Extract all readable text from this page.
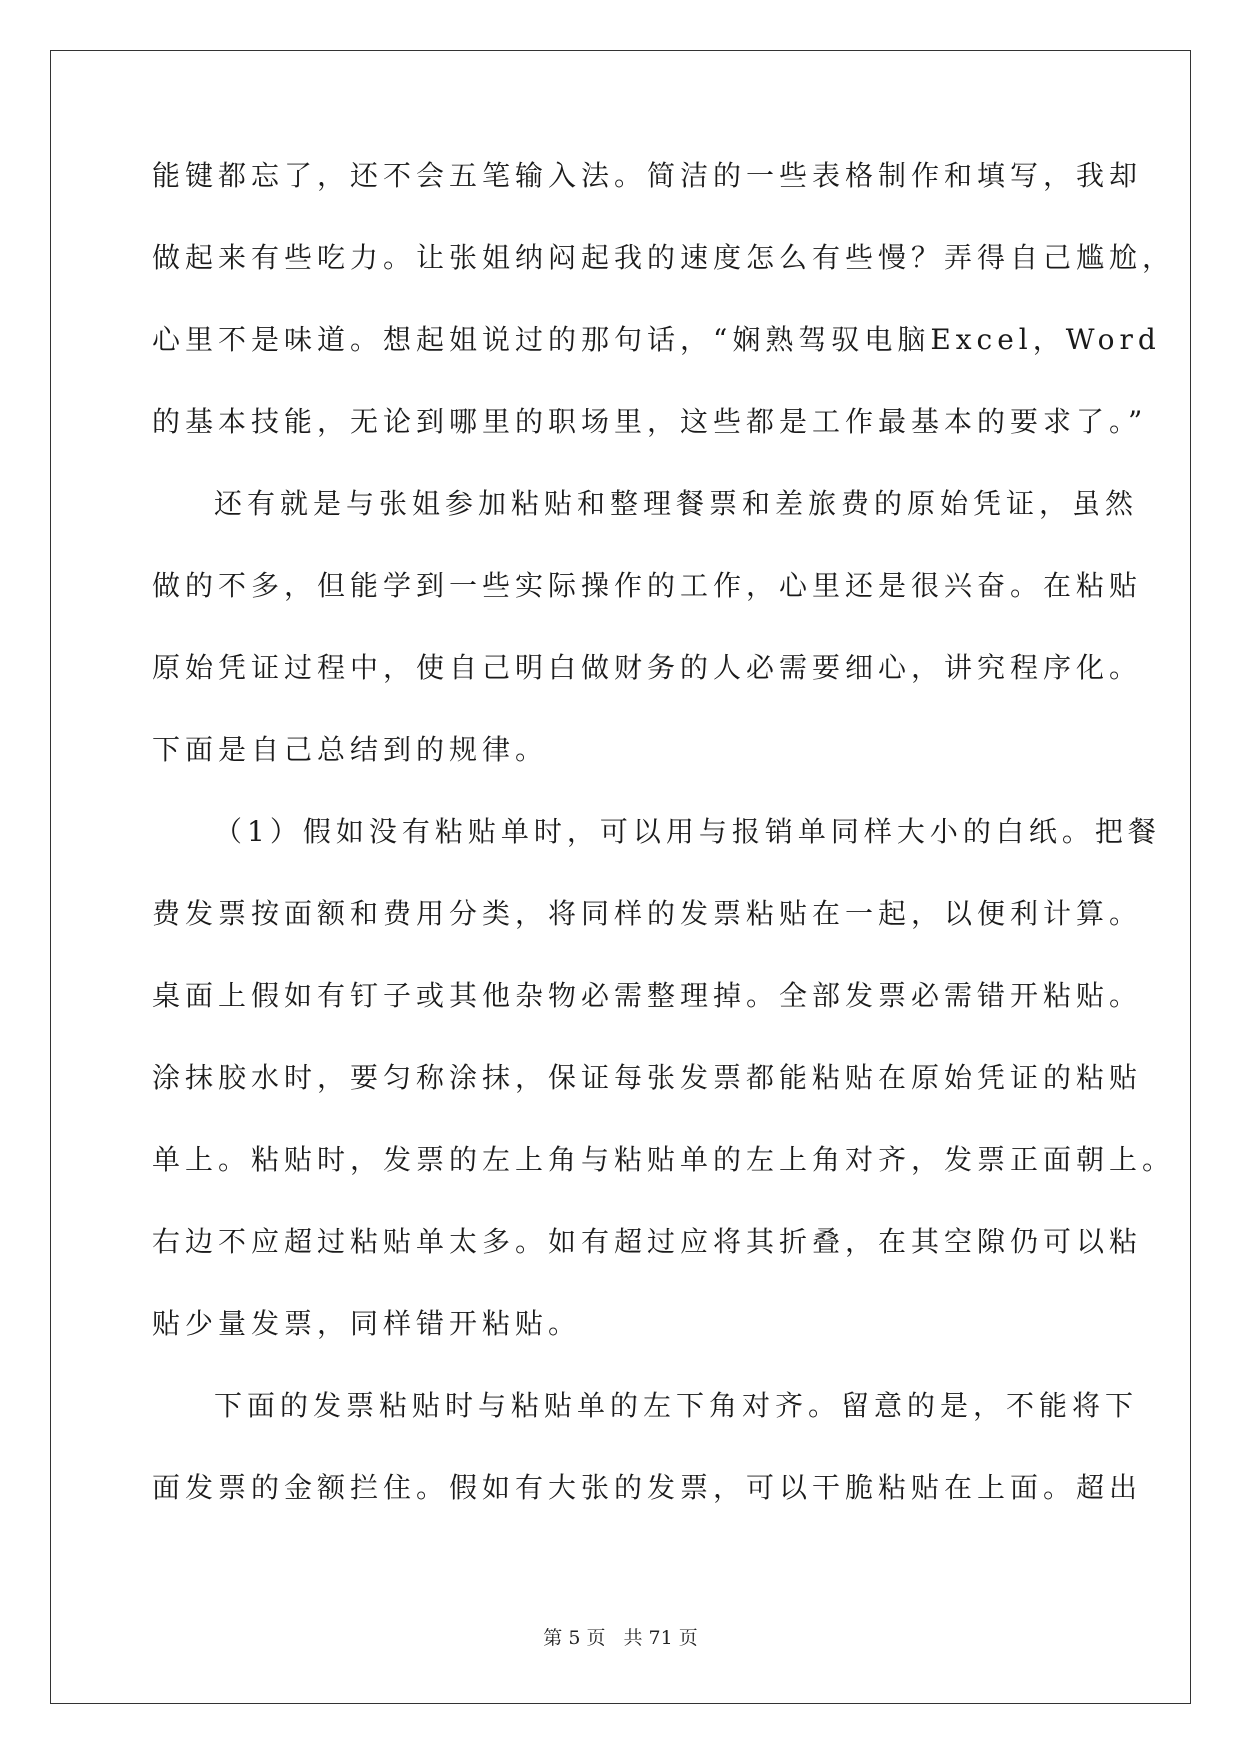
能键都忘了，还不会五笔输入法。简洁的一些表格制作和填写，我却
做起来有些吃力。让张姐纳闷起我的速度怎么有些慢？弄得自己尴尬，
心里不是味道。想起姐说过的那句话，“娴熟驾驭电脑Excel，Word
的基本技能，无论到哪里的职场里，这些都是工作最基本的要求了。”
还有就是与张姐参加粘贴和整理餐票和差旅费的原始凭证，虽然
做的不多，但能学到一些实际操作的工作，心里还是很兴奋。在粘贴
原始凭证过程中，使自己明白做财务的人必需要细心，讲究程序化。
下面是自己总结到的规律。
（1）假如没有粘贴单时，可以用与报销单同样大小的白纸。把餐
费发票按面额和费用分类，将同样的发票粘贴在一起，以便利计算。
桌面上假如有钉子或其他杂物必需整理掉。全部发票必需错开粘贴。
涂抹胶水时，要匀称涂抹，保证每张发票都能粘贴在原始凭证的粘贴
单上。粘贴时，发票的左上角与粘贴单的左上角对齐，发票正面朝上。
右边不应超过粘贴单太多。如有超过应将其折叠，在其空隙仍可以粘
贴少量发票，同样错开粘贴。
下面的发票粘贴时与粘贴单的左下角对齐。留意的是，不能将下
面发票的金额拦住。假如有大张的发票，可以干脆粘贴在上面。超出
第 5 页 共 71 页
